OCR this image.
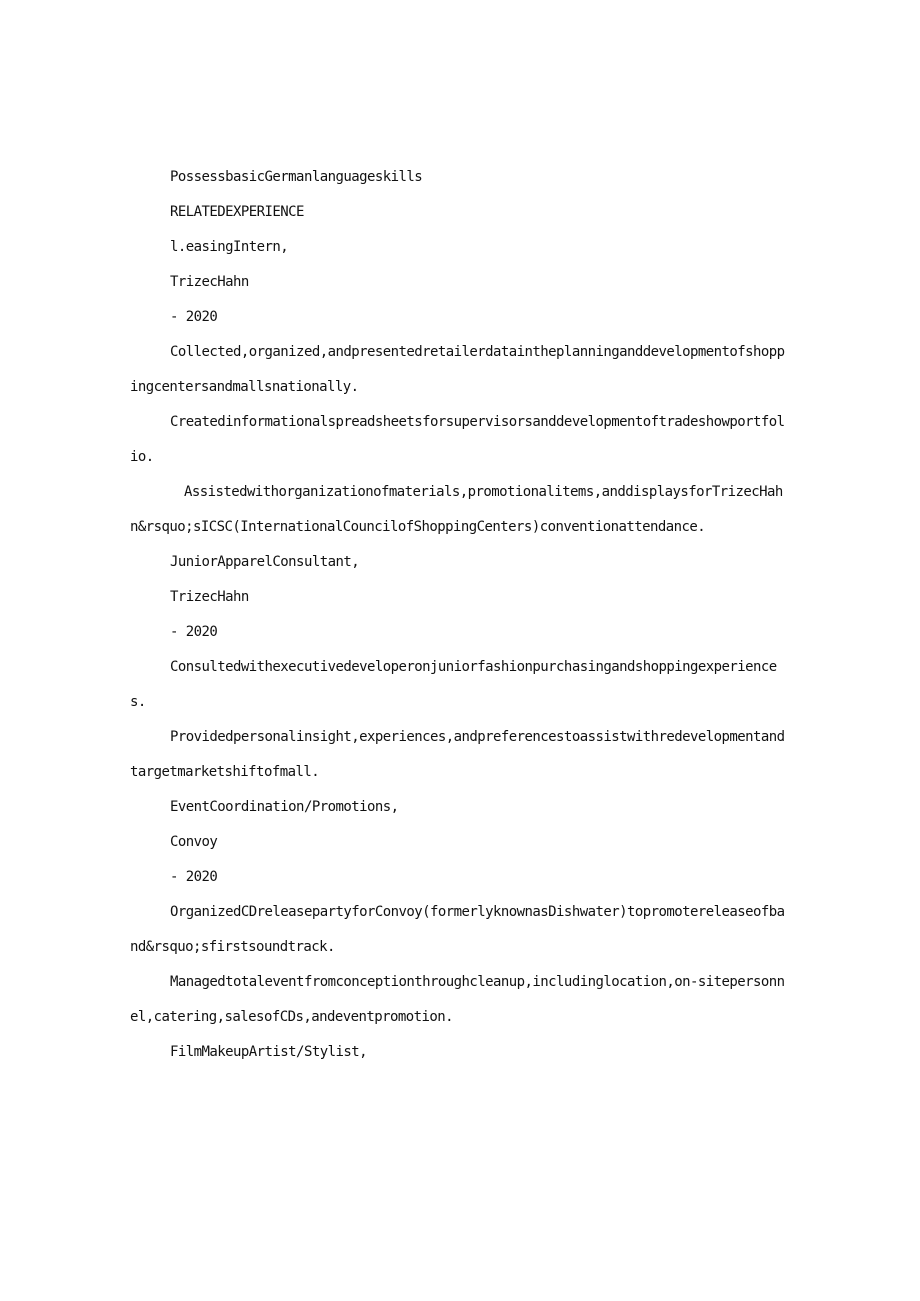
PossessbasicGermanlanguageskills

RELATEDEXPERIENCE

l.easingIntern,

TrizecHahn

- 2020

Collected,organized,andpresentedretailerdataintheplanninganddevelopmentofshoppingcentersandmallsnationally.

Createdinformationalspreadsheetsforsupervisorsanddevelopmentoftradeshowportfolio.

Assistedwithorganizationofmaterials,promotionalitems,anddisplaysforTrizecHahn&rsquo;sICSC(InternationalCouncilofShoppingCenters)conventionattendance.

JuniorApparelConsultant,

TrizecHahn

- 2020

Consultedwithexecutivedeveloperonjuniorfashionpurchasingandshoppingexperiences.

Providedpersonalinsight,experiences,andpreferencestoassistwithredevelopmentandtargetmarketshiftofmall.

EventCoordination/Promotions,

Convoy

- 2020

OrganizedCDreleasepartyforConvoy(formerlyknownasDishwater)topromotereleaseofband&rsquo;sfirstsoundtrack.

Managedtotaleventfromconceptionthroughcleanup,includinglocation,on-sitepersonnel,catering,salesofCDs,andeventpromotion.

FilmMakeupArtist/Stylist,
